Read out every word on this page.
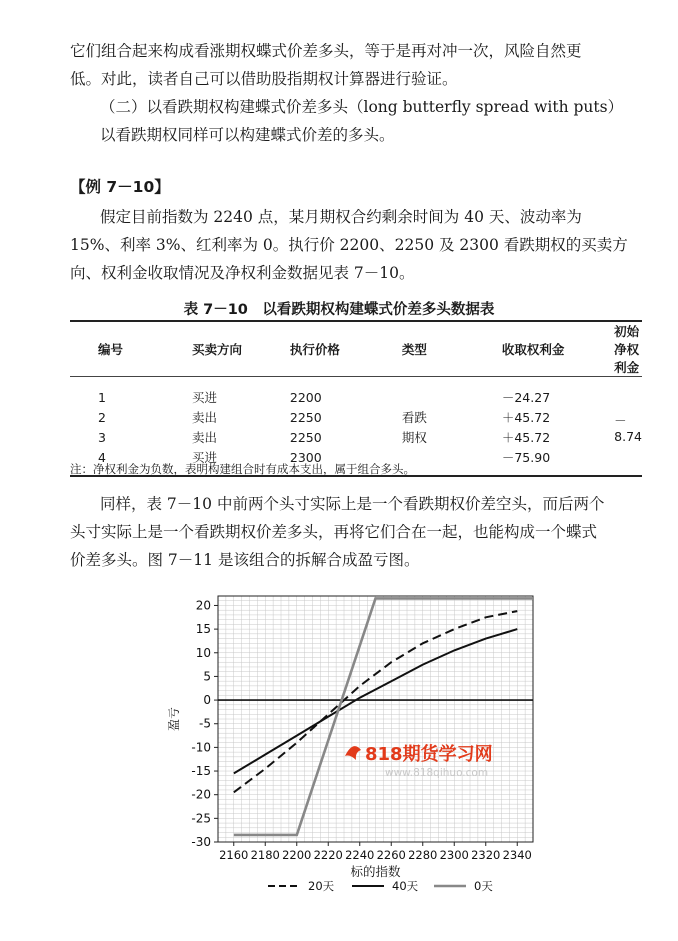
它们组合起来构成看涨期权蝶式价差多头，等于是再对冲一次，风险自然更
低。对此，读者自己可以借助股指期权计算器进行验证。
（二）以看跌期权构建蝶式价差多头（long butterfly spread with puts）
以看跌期权同样可以构建蝶式价差的多头。
【例 7－10】
假定目前指数为 2240 点，某月期权合约剩余时间为 40 天、波动率为
15%、利率 3%、红利率为 0。执行价 2200、2250 及 2300 看跌期权的买卖方
向、权利金收取情况及净权利金数据见表 7－10。
表 7－10　以看跌期权构建蝶式价差多头数据表
编号	买卖方向	执行价格	类型	收取权利金	初始净权利金
1	买进	2200		－24.27	
2	卖出	2250	看跌	＋45.72	－8.74
3	卖出	2250	期权	＋45.72	
4	买进	2300		－75.90	
注：净权利金为负数，表明构建组合时有成本支出，属于组合多头。
同样，表 7－10 中前两个头寸实际上是一个看跌期权价差空头，而后两个
头寸实际上是一个看跌期权价差多头，再将它们合在一起，也能构成一个蝶式
价差多头。图 7－11 是该组合的拆解合成盈亏图。
20
15
10
5
0
-5
-10
-15
-20
-25
-30
2160 2180 2200 2220 2240 2260 2280 2300 2320 2340
盈亏
标的指数
818期货学习网
www.818qihuo.com
20天	40天	0天
